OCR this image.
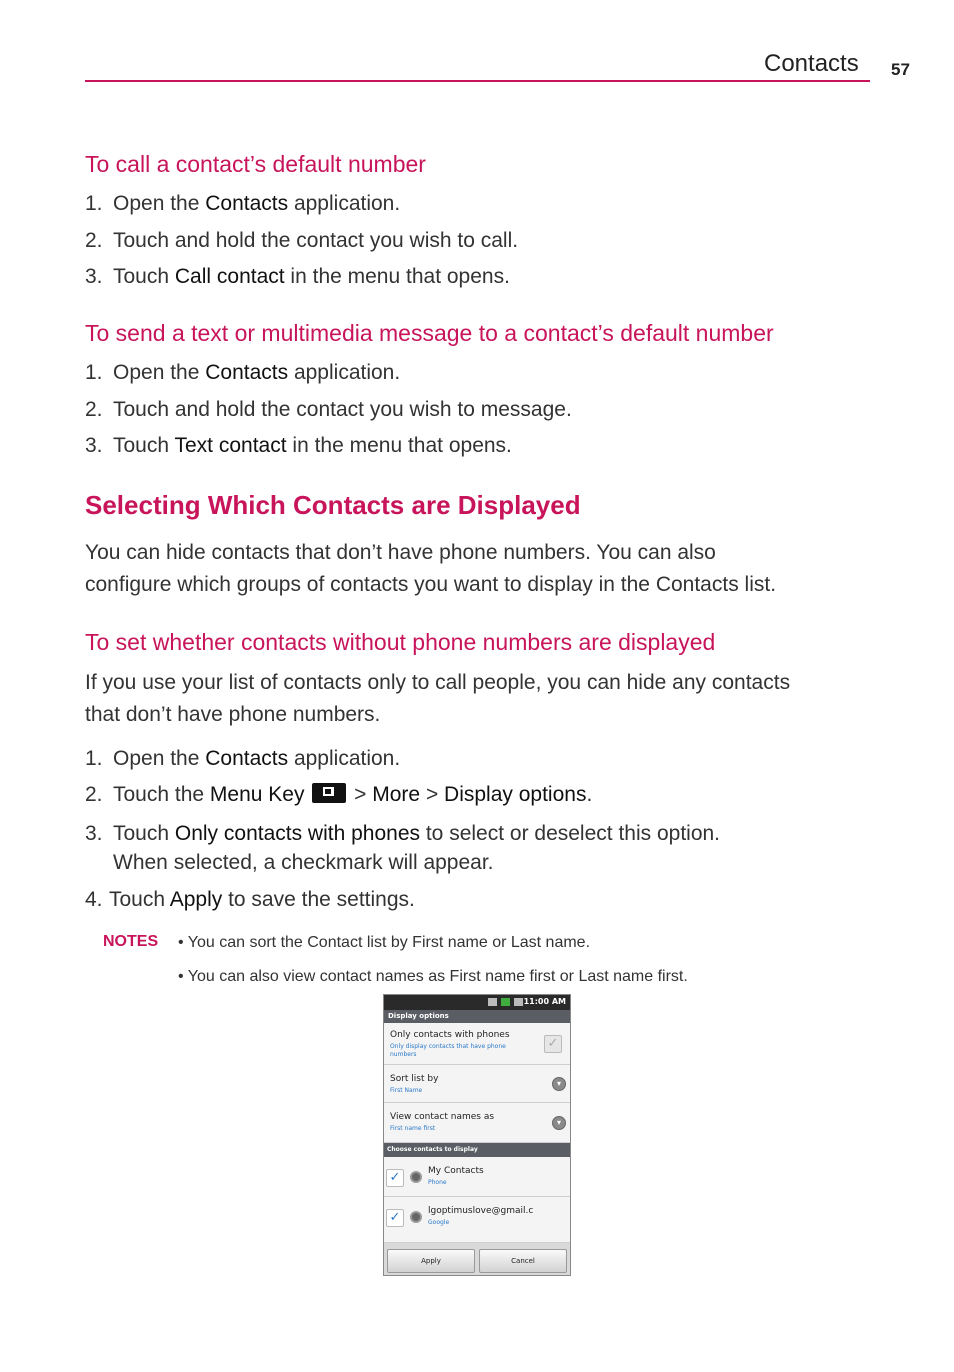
Contacts 57
To call a contact’s default number
1. Open the Contacts application.
2. Touch and hold the contact you wish to call.
3. Touch Call contact in the menu that opens.
To send a text or multimedia message to a contact’s default number
1. Open the Contacts application.
2. Touch and hold the contact you wish to message.
3. Touch Text contact in the menu that opens.
Selecting Which Contacts are Displayed
You can hide contacts that don’t have phone numbers. You can also
configure which groups of contacts you want to display in the Contacts list.
To set whether contacts without phone numbers are displayed
If you use your list of contacts only to call people, you can hide any contacts
that don’t have phone numbers.
1. Open the Contacts application.
2. Touch the Menu Key  > More > Display options.
3. Touch Only contacts with phones to select or deselect this option.
When selected, a checkmark will appear.
4. Touch Apply to save the settings.
NOTES • You can sort the Contact list by First name or Last name.
• You can also view contact names as First name first or Last name first.
11:00 AM
Display options
Only contacts with phones
Only display contacts that have phone
numbers
✓
Sort list by
First Name
▾
View contact names as
First name first
▾
Choose contacts to display
✓	My Contacts
Phone
✓	lgoptimuslove@gmail.c
Google
Apply	Cancel
